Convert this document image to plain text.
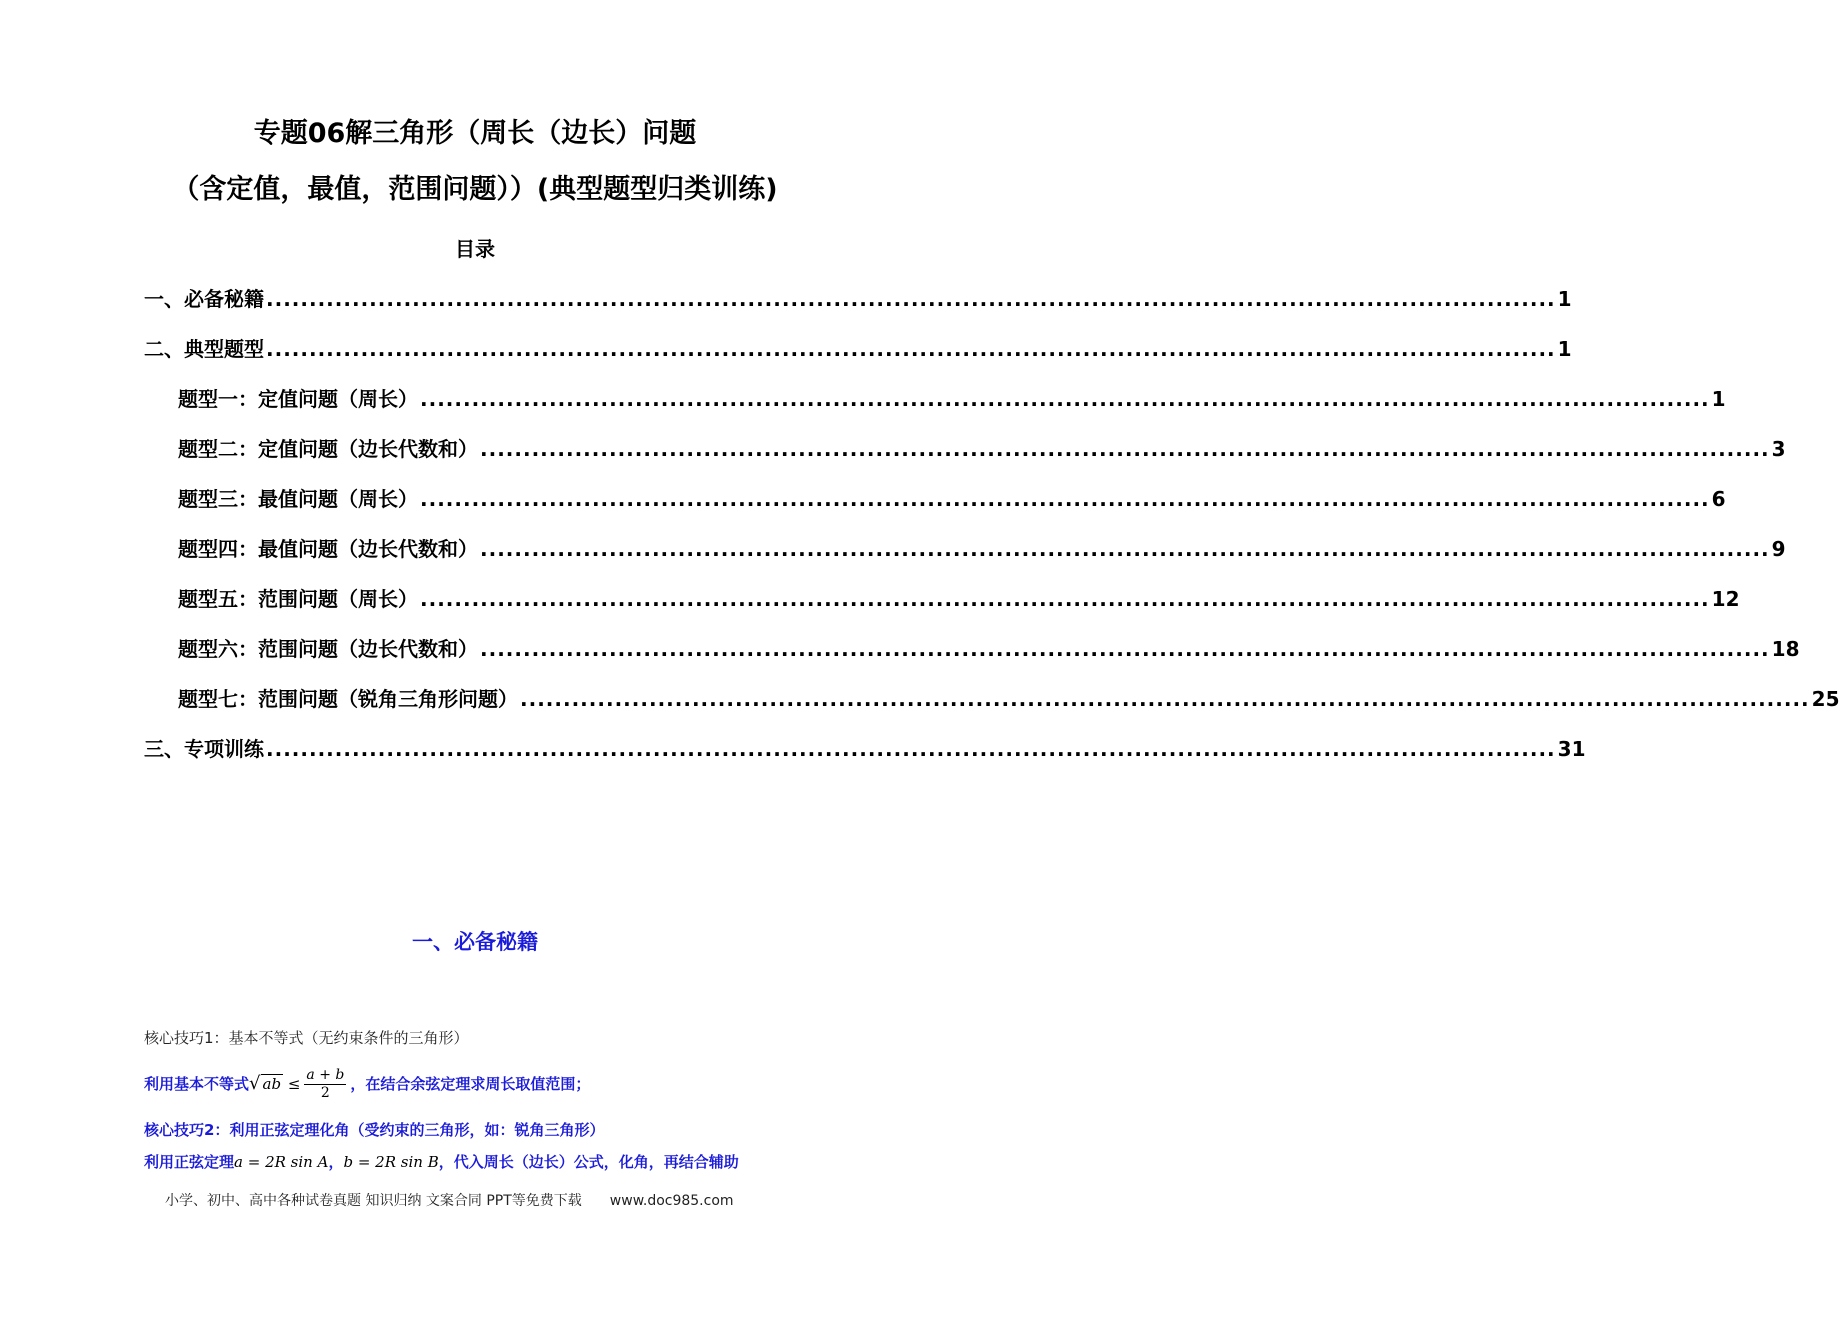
专题06解三角形（周长（边长）问题
（含定值，最值，范围问题））(典型题型归类训练)
目录
一、必备秘籍 ...................................................................................................................................................... 1
二、典型题型 ...................................................................................................................................................... 1
题型一：定值问题（周长） ...................................................................................................................................................... 1
题型二：定值问题（边长代数和） ...................................................................................................................................................... 3
题型三：最值问题（周长） ...................................................................................................................................................... 6
题型四：最值问题（边长代数和） ...................................................................................................................................................... 9
题型五：范围问题（周长） ...................................................................................................................................................... 12
题型六：范围问题（边长代数和） ...................................................................................................................................................... 18
题型七：范围问题（锐角三角形问题） ...................................................................................................................................................... 25
三、专项训练 ...................................................................................................................................................... 31
一、必备秘籍
核心技巧1：基本不等式（无约束条件的三角形）
利用基本不等式√ ab ≤ $\frac{a + b}{2}$ ，在结合余弦定理求周长取值范围；
核心技巧2：利用正弦定理化角（受约束的三角形，如：锐角三角形）
利用正弦定理a = 2R sin A，b = 2R sin B，代入周长（边长）公式，化角，再结合辅助
小学、初中、高中各种试卷真题 知识归纳 文案合同 PPT等免费下载 www.doc985.com
